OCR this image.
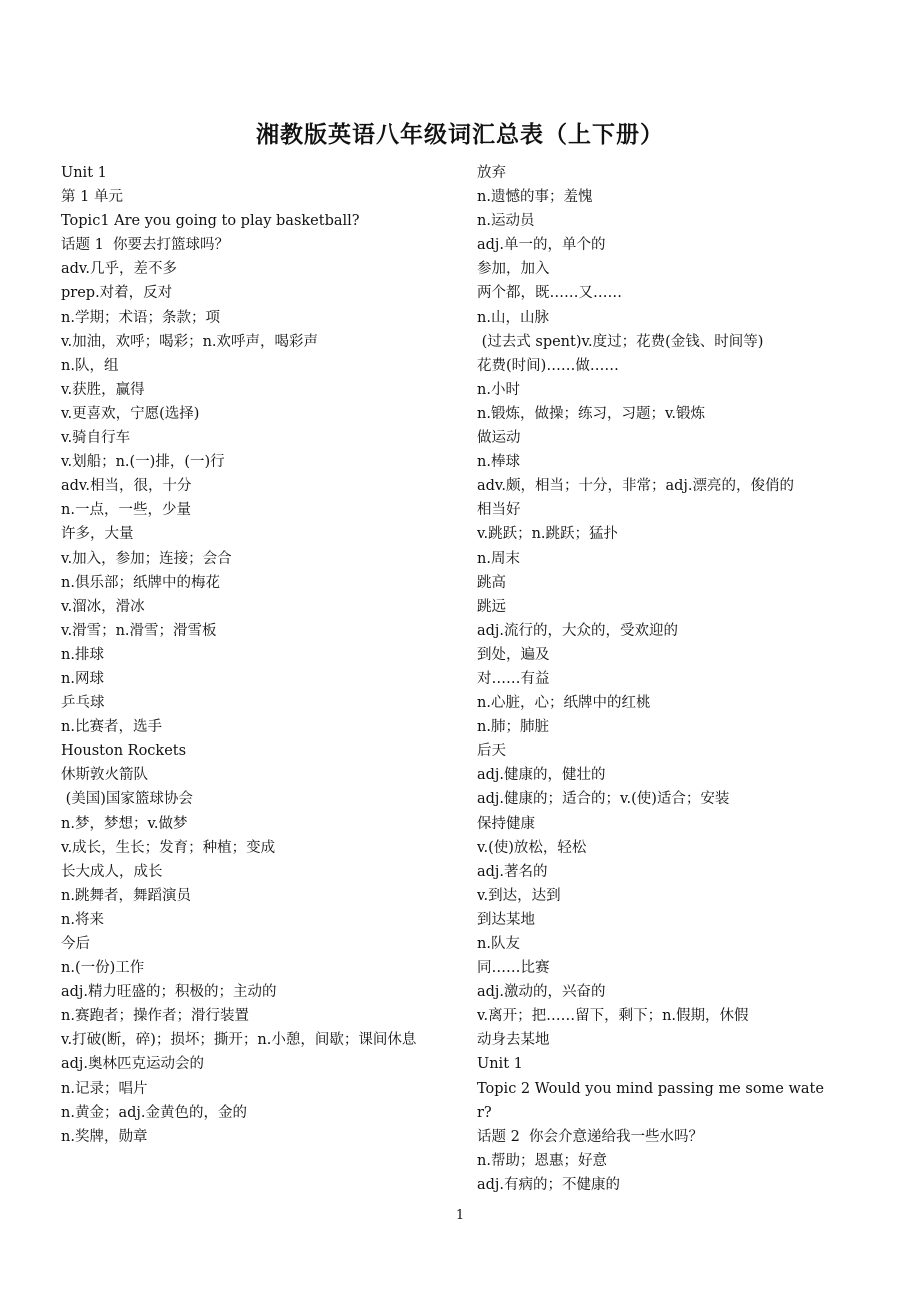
湘教版英语八年级词汇总表（上下册）
Unit 1
第 1 单元
Topic1 Are you going to play basketball?
话题 1  你要去打篮球吗？
adv.几乎，差不多
prep.对着，反对
n.学期；术语；条款；项
v.加油，欢呼；喝彩；n.欢呼声，喝彩声
n.队，组
v.获胜，赢得
v.更喜欢，宁愿(选择)
v.骑自行车
v.划船；n.(一)排，(一)行
adv.相当，很，十分
n.一点，一些，少量
许多，大量
v.加入，参加；连接；会合
n.俱乐部；纸牌中的梅花
v.溜冰，滑冰
v.滑雪；n.滑雪；滑雪板
n.排球
n.网球
乒乓球
n.比赛者，选手
Houston Rockets
休斯敦火箭队
(美国)国家篮球协会
n.梦，梦想；v.做梦
v.成长，生长；发育；种植；变成
长大成人，成长
n.跳舞者，舞蹈演员
n.将来
今后
n.(一份)工作
adj.精力旺盛的；积极的；主动的
n.赛跑者；操作者；滑行装置
v.打破(断，碎)；损坏；撕开；n.小憩，间歇；课间休息
adj.奥林匹克运动会的
n.记录；唱片
n.黄金；adj.金黄色的，金的
n.奖牌，勋章
放弃
n.遗憾的事；羞愧
n.运动员
adj.单一的，单个的
参加，加入
两个都，既……又……
n.山，山脉
(过去式 spent)v.度过；花费(金钱、时间等)
花费(时间)……做……
n.小时
n.锻炼，做操；练习，习题；v.锻炼
做运动
n.棒球
adv.颇，相当；十分，非常；adj.漂亮的，俊俏的
相当好
v.跳跃；n.跳跃；猛扑
n.周末
跳高
跳远
adj.流行的，大众的，受欢迎的
到处，遍及
对……有益
n.心脏，心；纸牌中的红桃
n.肺；肺脏
后天
adj.健康的，健壮的
adj.健康的；适合的；v.(使)适合；安装
保持健康
v.(使)放松，轻松
adj.著名的
v.到达，达到
到达某地
n.队友
同……比赛
adj.激动的，兴奋的
v.离开；把……留下，剩下；n.假期，休假
动身去某地
Unit 1
Topic 2 Would you mind passing me some water?
话题 2  你会介意递给我一些水吗？
n.帮助；恩惠；好意
adj.有病的；不健康的
1
